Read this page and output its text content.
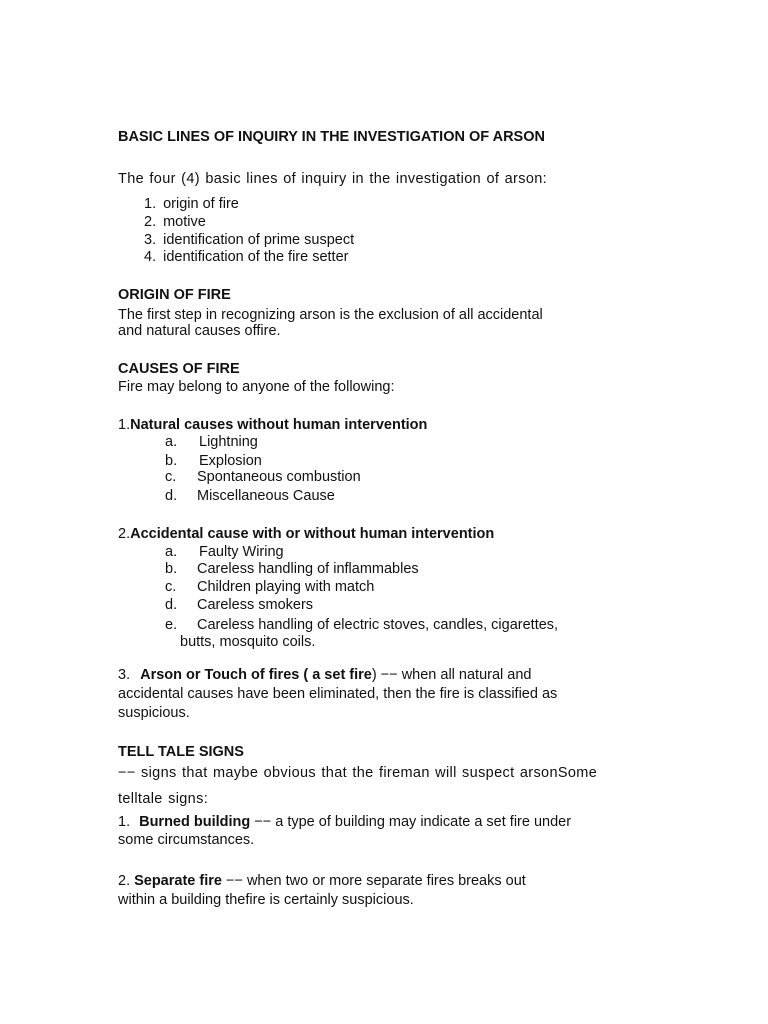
BASIC LINES OF INQUIRY IN THE INVESTIGATION OF ARSON
The four (4) basic lines of inquiry in the investigation of arson:
1. origin of fire
2. motive
3. identification of prime suspect
4. identification of the fire setter
ORIGIN OF FIRE
The first step in recognizing arson is the exclusion of all accidental
and natural causes offire.
CAUSES OF FIRE
Fire may belong to anyone of the following:
1.Natural causes without human intervention
a. Lightning
b. Explosion
c. Spontaneous combustion
d. Miscellaneous Cause
2.Accidental cause with or without human intervention
a. Faulty Wiring
b. Careless handling of inflammables
c. Children playing with match
d. Careless smokers
e. Careless handling of electric stoves, candles, cigarettes,
butts, mosquito coils.
3. Arson or Touch of fires ( a set fire) −− when all natural and
accidental causes have been eliminated, then the fire is classified as
suspicious.
TELL TALE SIGNS
−− signs that maybe obvious that the fireman will suspect arsonSome
telltale signs:
1. Burned building −− a type of building may indicate a set fire under
some circumstances.
2. Separate fire −− when two or more separate fires breaks out
within a building thefire is certainly suspicious.
